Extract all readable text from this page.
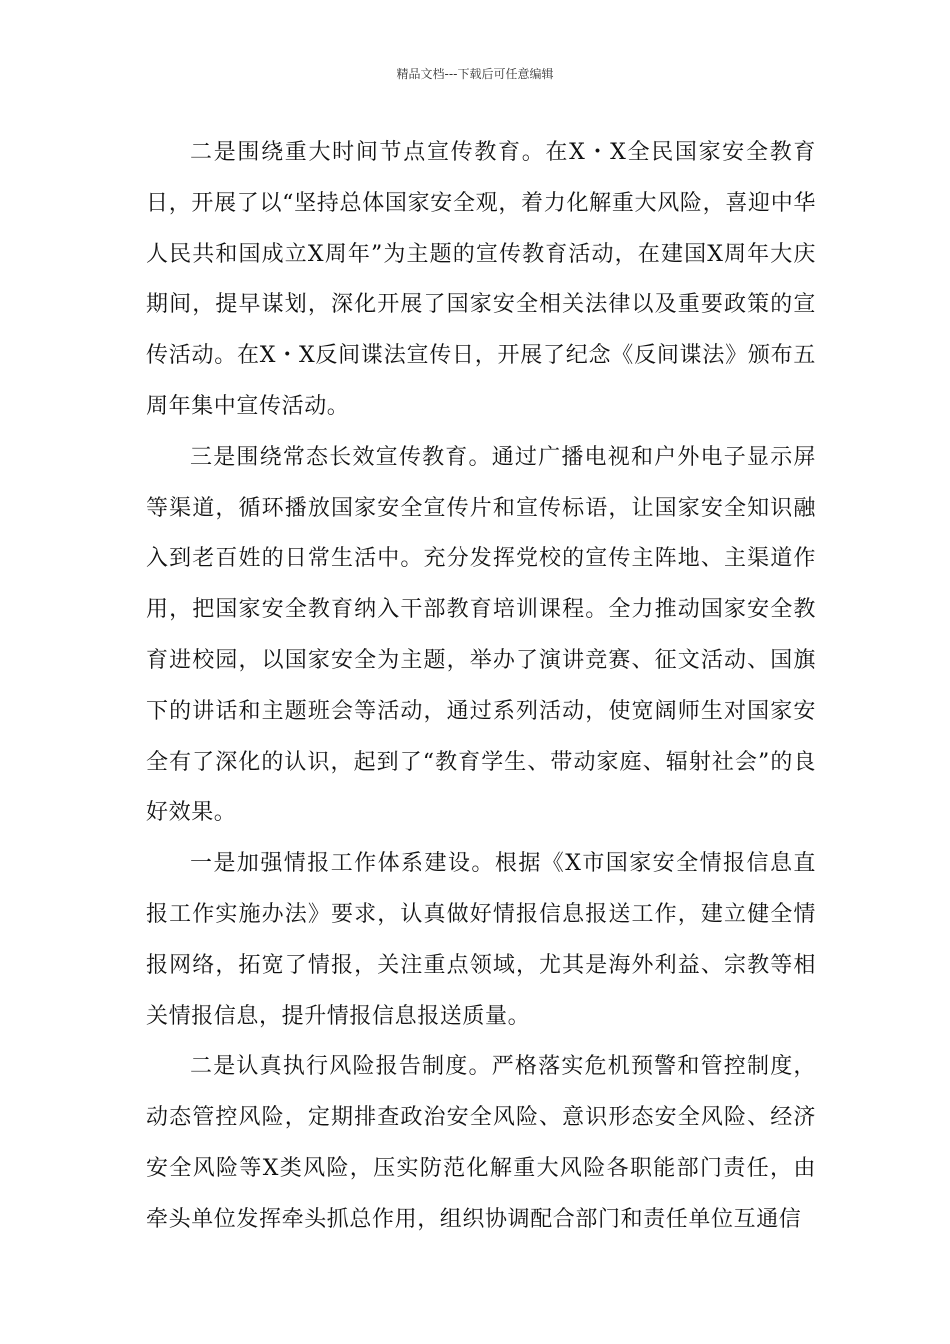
精品文档---下载后可任意编辑

二是围绕重大时间节点宣传教育。在X・X全民国家安全教育日，开展了以“坚持总体国家安全观，着力化解重大风险，喜迎中华人民共和国成立X周年”为主题的宣传教育活动，在建国X周年大庆期间，提早谋划，深化开展了国家安全相关法律以及重要政策的宣传活动。在X・X反间谍法宣传日，开展了纪念《反间谍法》颁布五周年集中宣传活动。

三是围绕常态长效宣传教育。通过广播电视和户外电子显示屏等渠道，循环播放国家安全宣传片和宣传标语，让国家安全知识融入到老百姓的日常生活中。充分发挥党校的宣传主阵地、主渠道作用，把国家安全教育纳入干部教育培训课程。全力推动国家安全教育进校园，以国家安全为主题，举办了演讲竞赛、征文活动、国旗下的讲话和主题班会等活动，通过系列活动，使宽阔师生对国家安全有了深化的认识，起到了“教育学生、带动家庭、辐射社会”的良好效果。

一是加强情报工作体系建设。根据《X市国家安全情报信息直报工作实施办法》要求，认真做好情报信息报送工作，建立健全情报网络，拓宽了情报，关注重点领域，尤其是海外利益、宗教等相关情报信息，提升情报信息报送质量。

二是认真执行风险报告制度。严格落实危机预警和管控制度，动态管控风险，定期排查政治安全风险、意识形态安全风险、经济安全风险等X类风险，压实防范化解重大风险各职能部门责任，由牵头单位发挥牵头抓总作用，组织协调配合部门和责任单位互通信
